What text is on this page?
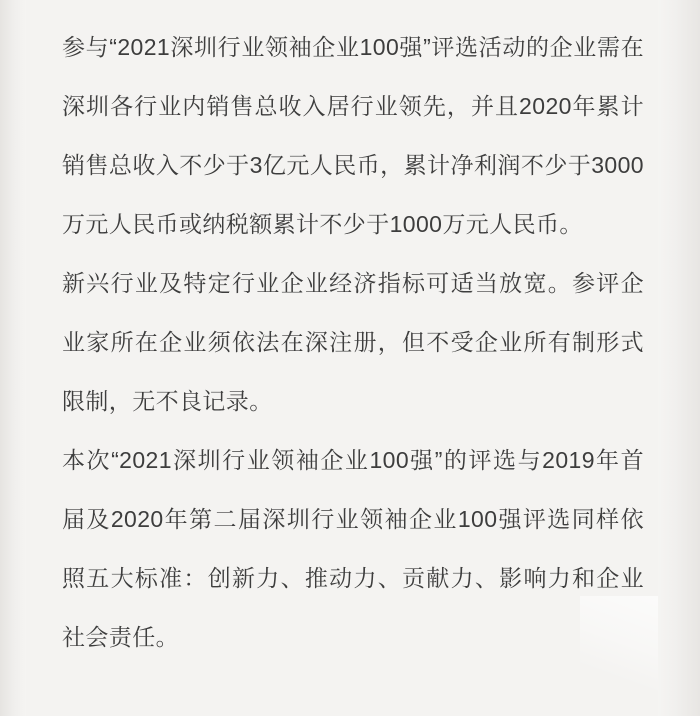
参与“2021深圳行业领袖企业100强”评选活动的企业需在深圳各行业内销售总收入居行业领先，并且2020年累计销售总收入不少于3亿元人民币，累计净利润不少于3000万元人民币或纳税额累计不少于1000万元人民币。

新兴行业及特定行业企业经济指标可适当放宽。参评企业家所在企业须依法在深注册，但不受企业所有制形式限制，无不良记录。

本次“2021深圳行业领袖企业100强”的评选与2019年首届及2020年第二届深圳行业领袖企业100强评选同样依照五大标准：创新力、推动力、贡献力、影响力和企业社会责任。
